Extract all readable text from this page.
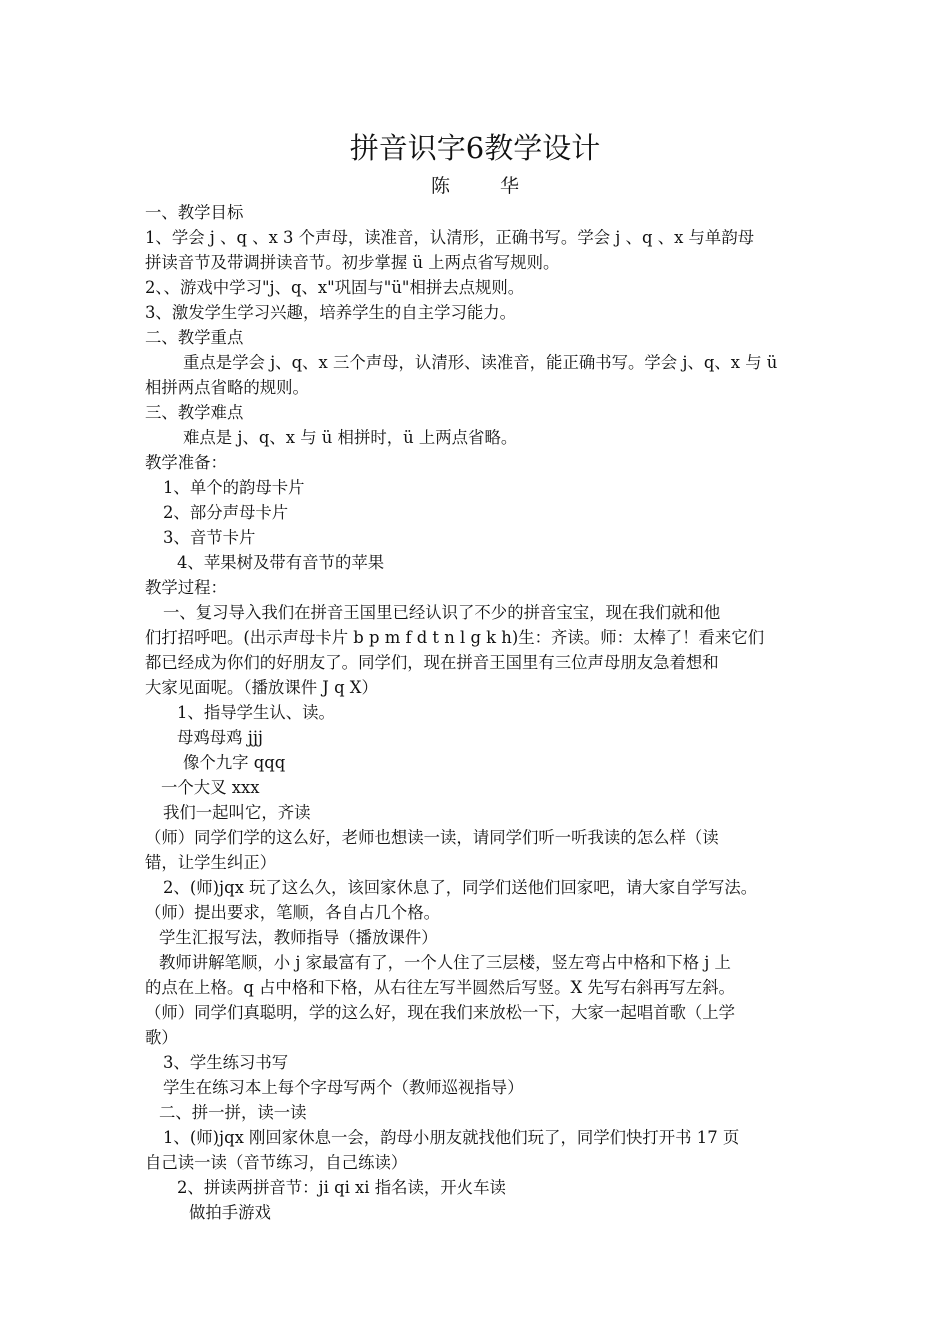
拼音识字6教学设计
陈 华
一、教学目标
1、学会 j 、q 、x 3 个声母，读准音，认清形，正确书写。学会 j 、q 、x 与单韵母
拼读音节及带调拼读音节。初步掌握 ü 上两点省写规则。
2、、游戏中学习"j、q、x"巩固与"ü"相拼去点规则。
3、激发学生学习兴趣，培养学生的自主学习能力。
二、教学重点
重点是学会 j、q、x 三个声母，认清形、读准音，能正确书写。学会 j、q、x 与 ü
相拼两点省略的规则。
三、教学难点
难点是 j、q、x 与 ü 相拼时，ü 上两点省略。
教学准备：
1、单个的韵母卡片
2、部分声母卡片
3、音节卡片
4、苹果树及带有音节的苹果
教学过程：
一、复习导入我们在拼音王国里已经认识了不少的拼音宝宝，现在我们就和他
们打招呼吧。(出示声母卡片 b p m f d t n l g k h)生：齐读。师：太棒了！看来它们
都已经成为你们的好朋友了。同学们，现在拼音王国里有三位声母朋友急着想和
大家见面呢。（播放课件 J q X）
1、指导学生认、读。
母鸡母鸡 jjj
像个九字 qqq
一个大叉 xxx
我们一起叫它，齐读
（师）同学们学的这么好，老师也想读一读，请同学们听一听我读的怎么样（读
错，让学生纠正）
2、(师)jqx 玩了这么久，该回家休息了，同学们送他们回家吧，请大家自学写法。
（师）提出要求，笔顺，各自占几个格。
学生汇报写法，教师指导（播放课件）
教师讲解笔顺，小 j 家最富有了，一个人住了三层楼，竖左弯占中格和下格 j 上
的点在上格。q 占中格和下格，从右往左写半圆然后写竖。X 先写右斜再写左斜。
（师）同学们真聪明，学的这么好，现在我们来放松一下，大家一起唱首歌（上学
歌）
3、学生练习书写
学生在练习本上每个字母写两个（教师巡视指导）
二、拼一拼，读一读
1、(师)jqx 刚回家休息一会，韵母小朋友就找他们玩了，同学们快打开书 17 页
自己读一读（音节练习，自己练读）
2、拼读两拼音节：ji qi xi 指名读，开火车读
做拍手游戏
